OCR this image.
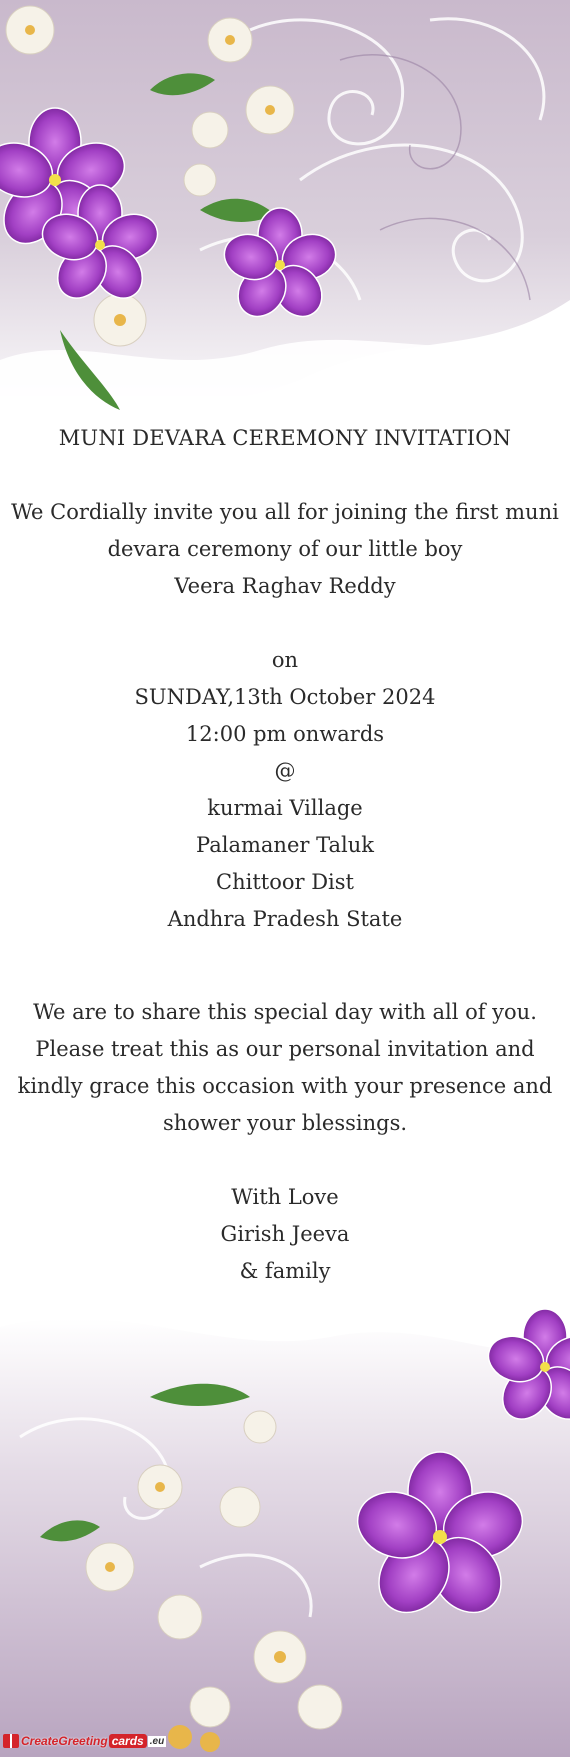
MUNI DEVARA CEREMONY INVITATION
We Cordially invite you all for joining the first muni
devara ceremony of our little boy
Veera Raghav Reddy
on
SUNDAY,13th October 2024
12:00 pm onwards
@
kurmai Village
Palamaner Taluk
Chittoor Dist
Andhra Pradesh State
We are to share this special day with all of you.
Please treat this as our personal invitation and
kindly grace this occasion with your presence and
shower your blessings.
With Love
Girish Jeeva
& family
CreateGreeting cards .eu
